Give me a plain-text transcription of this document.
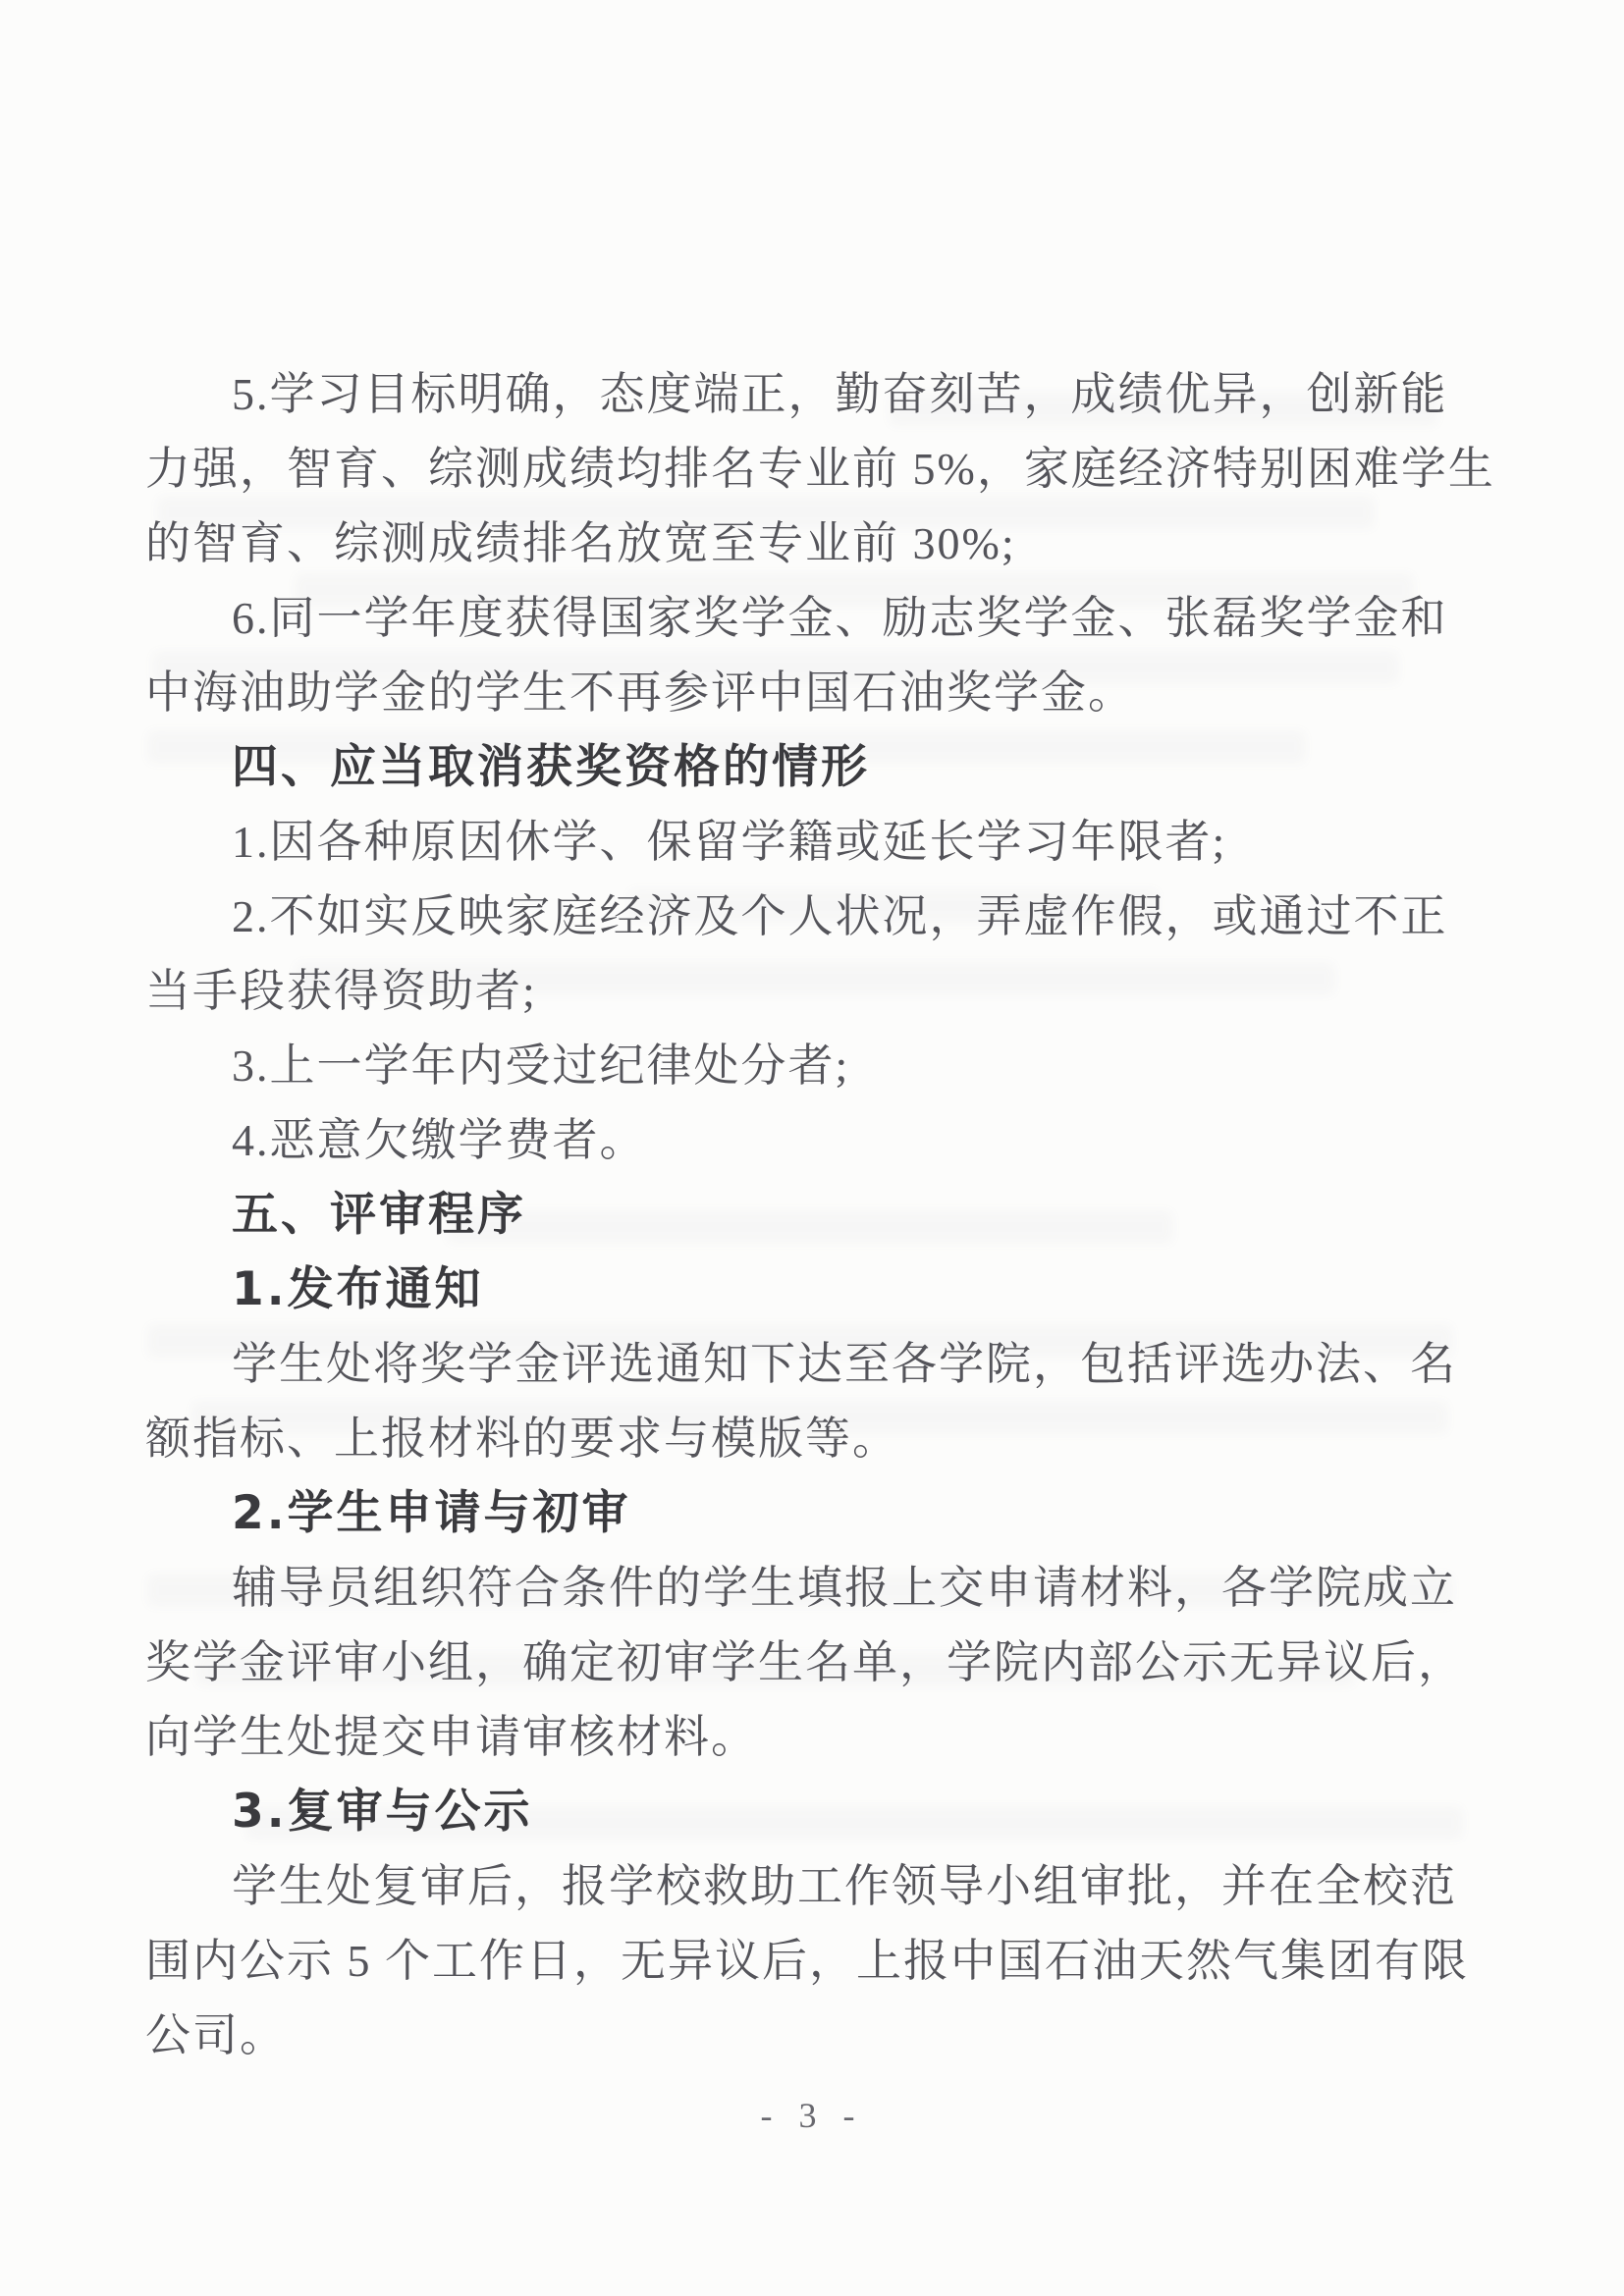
5.学习目标明确，态度端正，勤奋刻苦，成绩优异，创新能
力强，智育、综测成绩均排名专业前 5%，家庭经济特别困难学生
的智育、综测成绩排名放宽至专业前 30%;
6.同一学年度获得国家奖学金、励志奖学金、张磊奖学金和
中海油助学金的学生不再参评中国石油奖学金。
四、应当取消获奖资格的情形
1.因各种原因休学、保留学籍或延长学习年限者;
2.不如实反映家庭经济及个人状况，弄虚作假，或通过不正
当手段获得资助者;
3.上一学年内受过纪律处分者;
4.恶意欠缴学费者。
五、评审程序
1.发布通知
学生处将奖学金评选通知下达至各学院，包括评选办法、名
额指标、上报材料的要求与模版等。
2.学生申请与初审
辅导员组织符合条件的学生填报上交申请材料，各学院成立
奖学金评审小组，确定初审学生名单，学院内部公示无异议后，
向学生处提交申请审核材料。
3.复审与公示
学生处复审后，报学校救助工作领导小组审批，并在全校范
围内公示 5 个工作日，无异议后，上报中国石油天然气集团有限
公司。
- 3 -
